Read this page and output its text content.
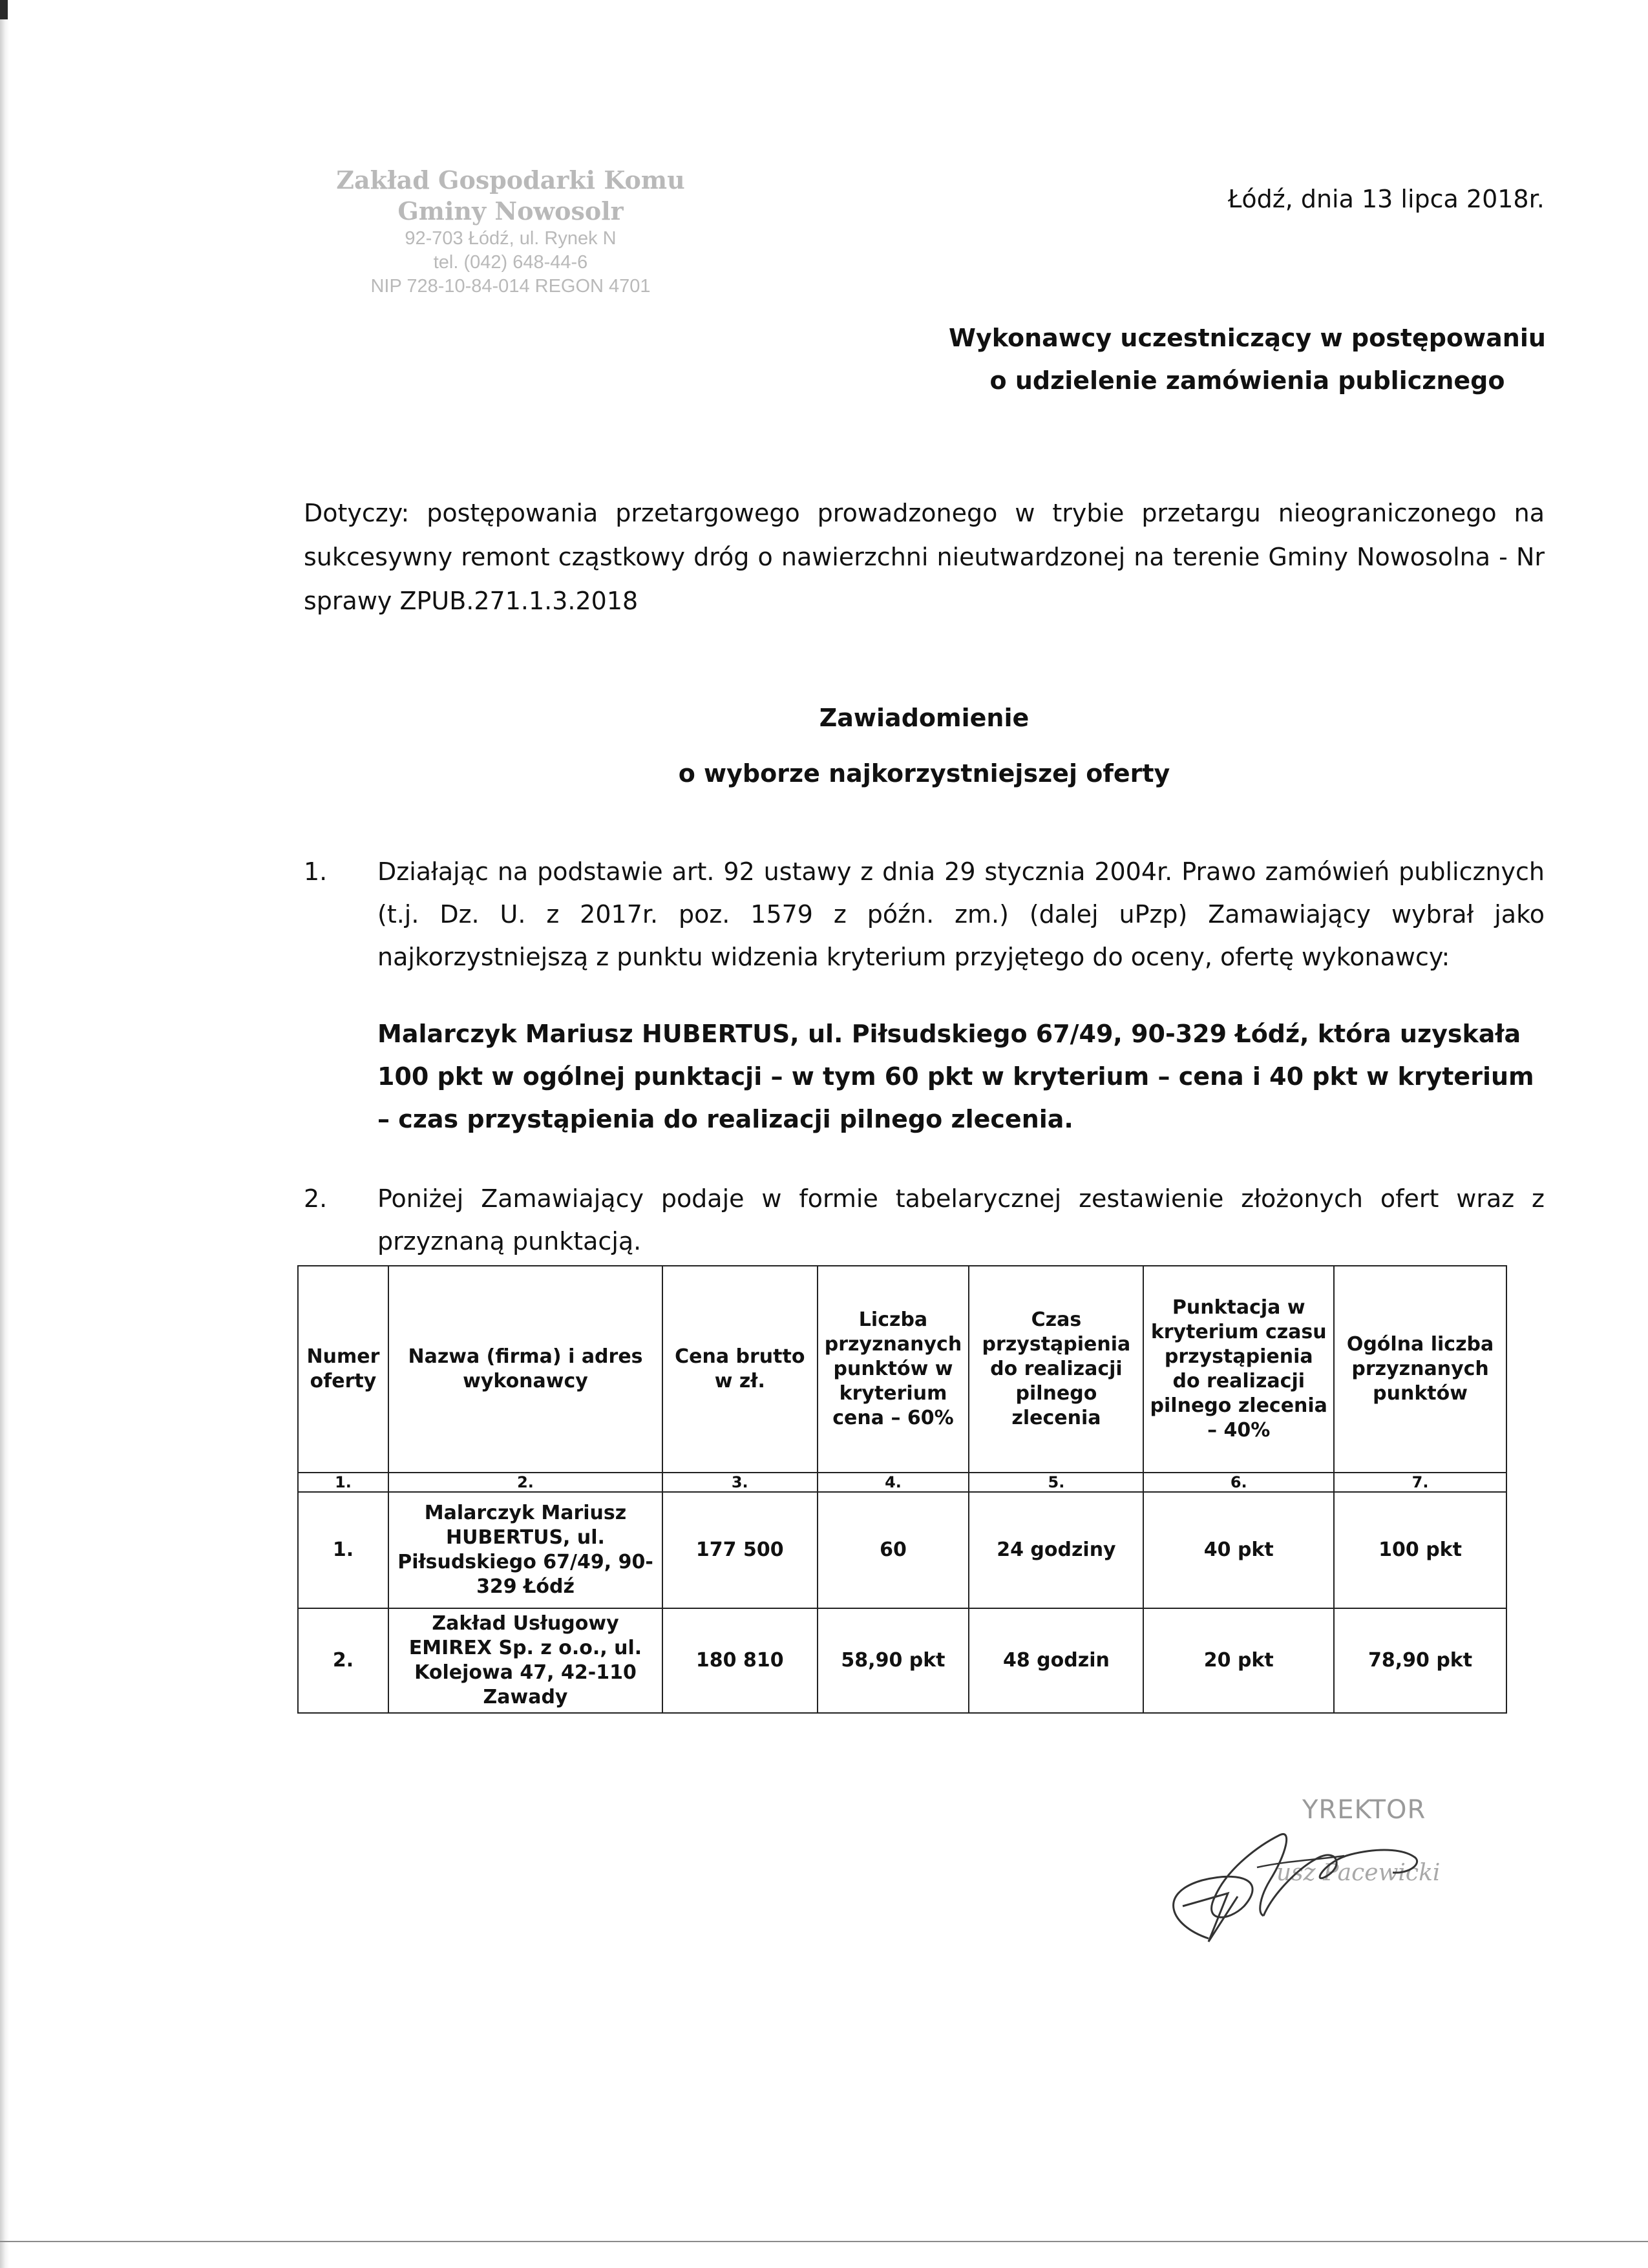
Zakład Gospodarki Komu
Gminy Nowosolr
92-703 Łódź, ul. Rynek N
tel. (042) 648-44-6
NIP 728-10-84-014 REGON 4701
Łódź, dnia 13 lipca 2018r.
Wykonawcy uczestniczący w postępowaniu
o udzielenie zamówienia publicznego
Dotyczy: postępowania przetargowego prowadzonego w trybie przetargu nieograniczonego na sukcesywny remont cząstkowy dróg o nawierzchni nieutwardzonej na terenie Gminy Nowosolna - Nr sprawy ZPUB.271.1.3.2018
Zawiadomienie
o wyborze najkorzystniejszej oferty
1. Działając na podstawie art. 92 ustawy z dnia 29 stycznia 2004r. Prawo zamówień publicznych (t.j. Dz. U. z 2017r. poz. 1579 z późn. zm.) (dalej uPzp) Zamawiający wybrał jako najkorzystniejszą z punktu widzenia kryterium przyjętego do oceny, ofertę wykonawcy:
Malarczyk Mariusz HUBERTUS, ul. Piłsudskiego 67/49, 90-329 Łódź, która uzyskała 100 pkt w ogólnej punktacji – w tym 60 pkt w kryterium – cena i 40 pkt w kryterium – czas przystąpienia do realizacji pilnego zlecenia.
2. Poniżej Zamawiający podaje w formie tabelarycznej zestawienie złożonych ofert wraz z przyznaną punktacją.
Numer oferty	Nazwa (firma) i adres wykonawcy	Cena brutto w zł.	Liczba przyznanych punktów w kryterium cena – 60%	Czas przystąpienia do realizacji pilnego zlecenia	Punktacja w kryterium czasu przystąpienia do realizacji pilnego zlecenia – 40%	Ogólna liczba przyznanych punktów
1.	2.	3.	4.	5.	6.	7.
1.	Malarczyk Mariusz HUBERTUS, ul. Piłsudskiego 67/49, 90-329 Łódź	177 500	60	24 godziny	40 pkt	100 pkt
2.	Zakład Usługowy EMIREX Sp. z o.o., ul. Kolejowa 47, 42-110 Zawady	180 810	58,90 pkt	48 godzin	20 pkt	78,90 pkt
YREKTOR
usz Pacewicki
